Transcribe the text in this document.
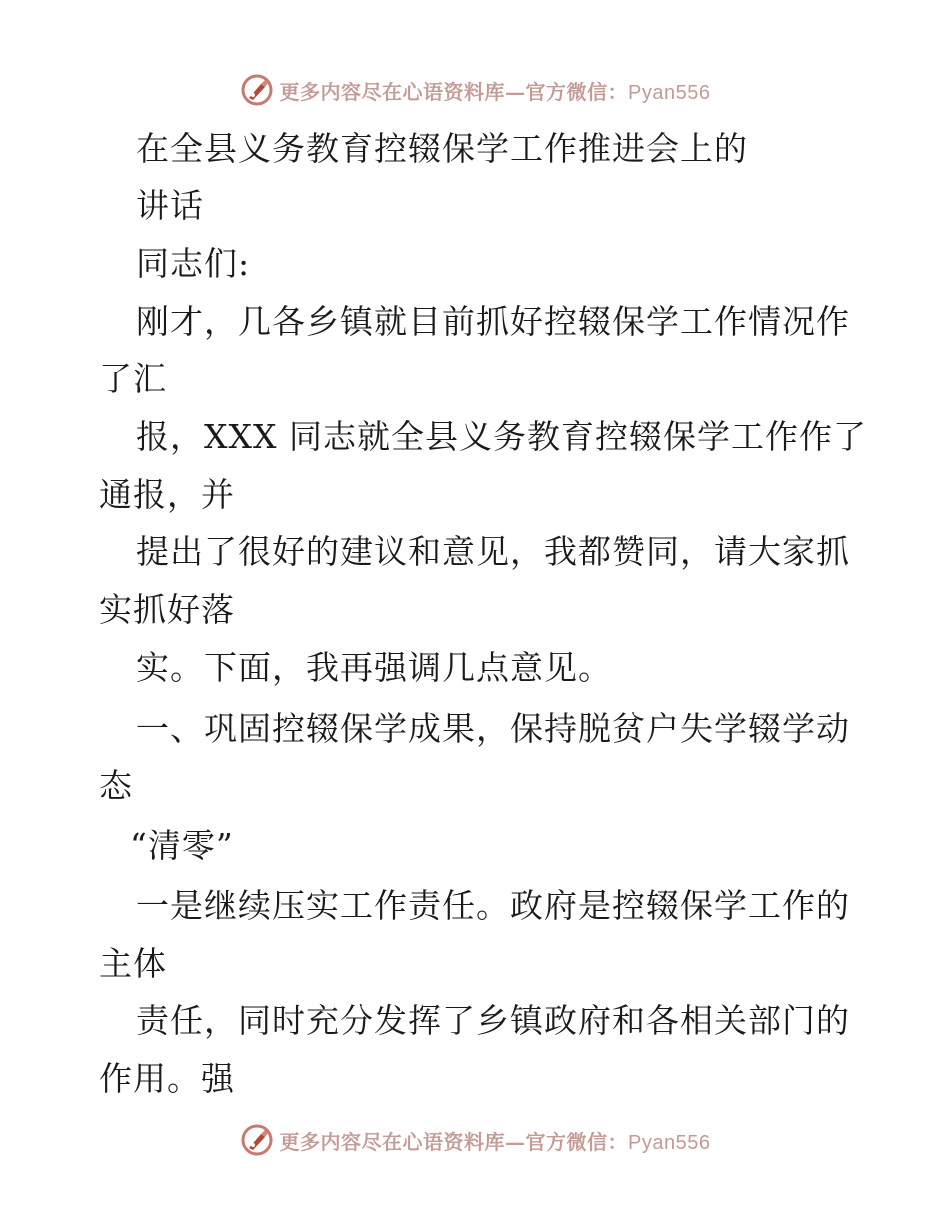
更多内容尽在心语资料库—官方微信：Pyan556
在全县义务教育控辍保学工作推进会上的
讲话
同志们:
刚才，几各乡镇就目前抓好控辍保学工作情况作
了汇
报，XXX 同志就全县义务教育控辍保学工作作了
通报，并
提出了很好的建议和意见，我都赞同，请大家抓
实抓好落
实。下面，我再强调几点意见。
一、巩固控辍保学成果，保持脱贫户失学辍学动
态
“清零”
一是继续压实工作责任。政府是控辍保学工作的
主体
责任，同时充分发挥了乡镇政府和各相关部门的
作用。强
更多内容尽在心语资料库—官方微信：Pyan556
